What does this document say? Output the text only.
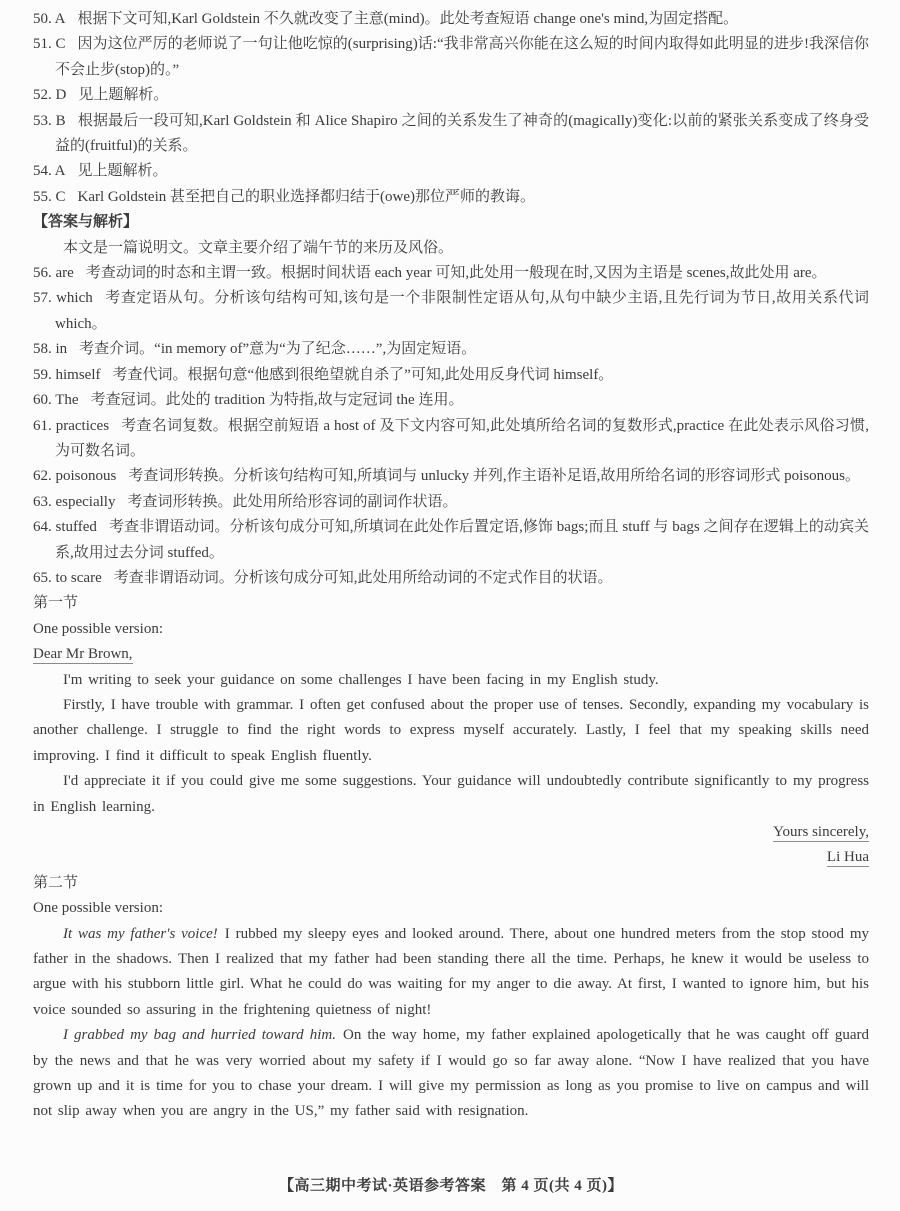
50. A 根据下文可知,Karl Goldstein 不久就改变了主意(mind)。此处考查短语 change one's mind,为固定搭配。

51. C 因为这位严厉的老师说了一句让他吃惊的(surprising)话:“我非常高兴你能在这么短的时间内取得如此明显的进步!我深信你不会止步(stop)的。”

52. D 见上题解析。

53. B 根据最后一段可知,Karl Goldstein 和 Alice Shapiro 之间的关系发生了神奇的(magically)变化:以前的紧张关系变成了终身受益的(fruitful)的关系。

54. A 见上题解析。

55. C Karl Goldstein 甚至把自己的职业选择都归结于(owe)那位严师的教诲。

【答案与解析】

本文是一篇说明文。文章主要介绍了端午节的来历及风俗。

56. are 考查动词的时态和主谓一致。根据时间状语 each year 可知,此处用一般现在时,又因为主语是 scenes,故此处用 are。

57. which 考查定语从句。分析该句结构可知,该句是一个非限制性定语从句,从句中缺少主语,且先行词为节日,故用关系代词 which。

58. in 考查介词。“in memory of”意为“为了纪念……”,为固定短语。

59. himself 考查代词。根据句意“他感到很绝望就自杀了”可知,此处用反身代词 himself。

60. The 考查冠词。此处的 tradition 为特指,故与定冠词 the 连用。

61. practices 考查名词复数。根据空前短语 a host of 及下文内容可知,此处填所给名词的复数形式,practice 在此处表示风俗习惯,为可数名词。

62. poisonous 考查词形转换。分析该句结构可知,所填词与 unlucky 并列,作主语补足语,故用所给名词的形容词形式 poisonous。

63. especially 考查词形转换。此处用所给形容词的副词作状语。

64. stuffed 考查非谓语动词。分析该句成分可知,所填词在此处作后置定语,修饰 bags;而且 stuff 与 bags 之间存在逻辑上的动宾关系,故用过去分词 stuffed。

65. to scare 考查非谓语动词。分析该句成分可知,此处用所给动词的不定式作目的状语。

第一节

One possible version:

Dear Mr Brown,

I'm writing to seek your guidance on some challenges I have been facing in my English study.

Firstly, I have trouble with grammar. I often get confused about the proper use of tenses. Secondly, expanding my vocabulary is another challenge. I struggle to find the right words to express myself accurately. Lastly, I feel that my speaking skills need improving. I find it difficult to speak English fluently.

I'd appreciate it if you could give me some suggestions. Your guidance will undoubtedly contribute significantly to my progress in English learning.

Yours sincerely,

Li Hua

第二节

One possible version:

It was my father's voice! I rubbed my sleepy eyes and looked around. There, about one hundred meters from the stop stood my father in the shadows. Then I realized that my father had been standing there all the time. Perhaps, he knew it would be useless to argue with his stubborn little girl. What he could do was waiting for my anger to die away. At first, I wanted to ignore him, but his voice sounded so assuring in the frightening quietness of night!

I grabbed my bag and hurried toward him. On the way home, my father explained apologetically that he was caught off guard by the news and that he was very worried about my safety if I would go so far away alone. “Now I have realized that you have grown up and it is time for you to chase your dream. I will give my permission as long as you promise to live on campus and will not slip away when you are angry in the US,” my father said with resignation.

【高三期中考试·英语参考答案　第 4 页(共 4 页)】
